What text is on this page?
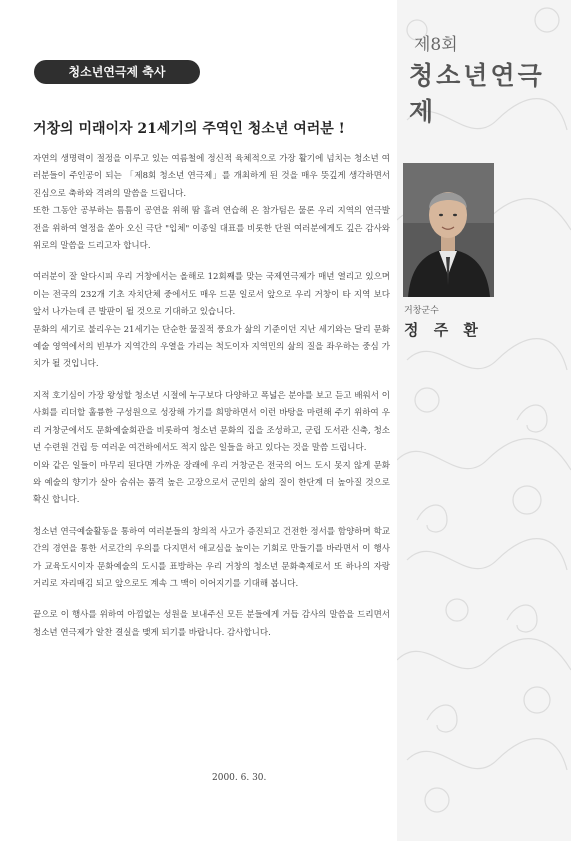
제8회
청소년연극제
청소년연극제 축사
거창의 미래이자 21세기의 주역인 청소년 여러분 !

자연의 생명력이 절정을 이루고 있는 여름철에 정신적 육체적으로 가장 활기에 넘치는 청소년 여러분들이 주인공이 되는 「제8회 청소년 연극제」를 개최하게 된 것을 매우 뜻깊게 생각하면서 진심으로 축하와 격려의 말씀을 드립니다.
또한 그동안 공부하는 틈틈이 공연을 위해 땀 흘려 연습해 온 참가팀은 물론 우리 지역의 연극발전을 위하여 열정을 쏟아 오신 극단 "입체" 이종일 대표를 비롯한 단원 여러분에게도 깊은 감사와 위로의 말씀을 드리고자 합니다.

여러분이 잘 알다시피 우리 거창에서는 올해로 12회째를 맞는 국제연극제가 매년 열리고 있으며 이는 전국의 232개 기초 자치단체 중에서도 매우 드문 일로서 앞으로 우리 거창이 타 지역 보다 앞서 나가는데 큰 발판이 될 것으로 기대하고 있습니다.
문화의 세기로 불리우는 21세기는 단순한 물질적 풍요가 삶의 기준이던 지난 세기와는 달리 문화예술 영역에서의 빈부가 지역간의 우열을 가리는 척도이자 지역민의 삶의 질을 좌우하는 중심 가치가 될 것입니다.

지적 호기심이 가장 왕성할 청소년 시절에 누구보다 다양하고 폭넓은 분야를 보고 듣고 배워서 이 사회를 리더할 훌륭한 구성원으로 성장해 가기를 희망하면서 이런 바탕을 마련해 주기 위하여 우리 거창군에서도 문화예술회관을 비롯하여 청소년 문화의 집을 조성하고, 군립 도서관 신축, 청소년 수련원 건립 등 여러운 여건하에서도 적지 않은 일들을 하고 있다는 것을 말씀 드립니다.
이와 같은 일들이 마무리 된다면 가까운 장래에 우리 거창군은 전국의 어느 도시 못지 않게 문화와 예술의 향기가 살아 숨쉬는 품격 높은 고장으로서 군민의 삶의 질이 한단계 더 높아질 것으로 확신 합니다.

청소년 연극예술활동을 통하여 여러분들의 창의적 사고가 증진되고 건전한 정서를 함양하며 학교간의 경연을 통한 서로간의 우의를 다지면서 애교심을 높이는 기회로 만들기를 바라면서 이 행사가 교육도시이자 문화예술의 도시를 표방하는 우리 거창의 청소년 문화축제로서 또 하나의 자랑거리로 자리매김 되고 앞으로도 계속 그 맥이 이어지기를 기대해 봅니다.

끝으로 이 행사를 위하여 아낌없는 성원을 보내주신 모든 분들에게 거듭 감사의 말씀을 드리면서 청소년 연극제가 알찬 결실을 맺게 되기를 바랍니다. 감사합니다.

2000. 6. 30.
거창군수
정 주 환
